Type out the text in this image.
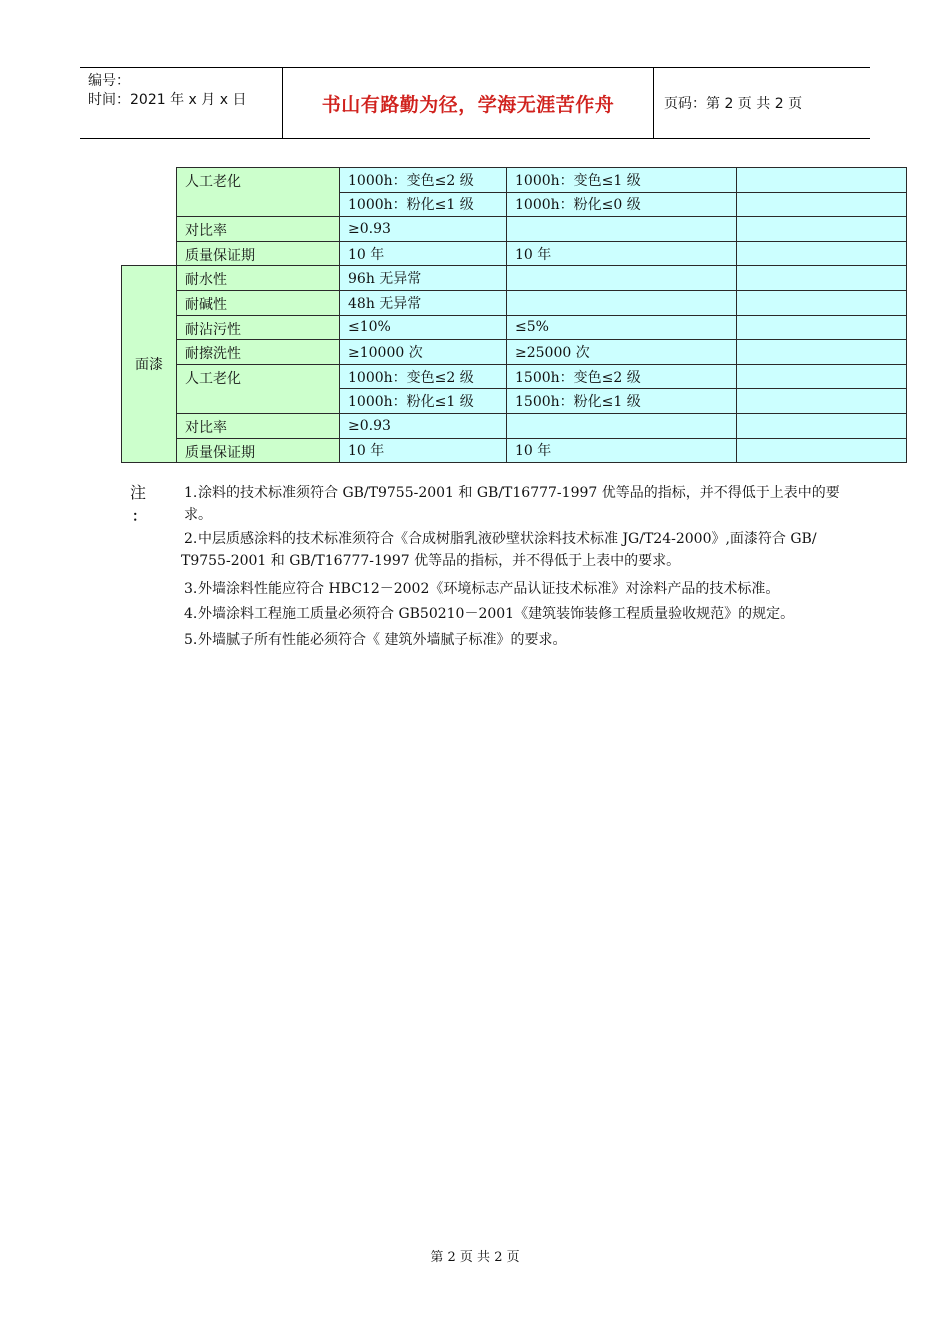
编号：
时间：2021 年 x 月 x 日	书山有路勤为径，学海无涯苦作舟	页码：第 2 页 共 2 页
	人工老化	1000h：变色≤2 级	1000h：变色≤1 级	
		1000h：粉化≤1 级	1000h：粉化≤0 级	
	对比率	≥0.93		
	质量保证期	10 年	10 年	
面漆	耐水性	96h 无异常		
	耐碱性	48h 无异常		
	耐沾污性	≤10%	≤5%	
	耐擦洗性	≥10000 次	≥25000 次	
	人工老化	1000h：变色≤2 级	1500h：变色≤2 级	
		1000h：粉化≤1 级	1500h：粉化≤1 级	
	对比率	≥0.93		
	质量保证期	10 年	10 年	
注
：
1.涂料的技术标准须符合 GB/T9755-2001 和 GB/T16777-1997 优等品的指标，并不得低于上表中的要
求。
2.中层质感涂料的技术标准须符合《合成树脂乳液砂壁状涂料技术标准 JG/T24-2000》,面漆符合 GB/
T9755-2001 和 GB/T16777-1997 优等品的指标，并不得低于上表中的要求。
3.外墙涂料性能应符合 HBC12－2002《环境标志产品认证技术标准》对涂料产品的技术标准。
4.外墙涂料工程施工质量必须符合 GB50210－2001《建筑装饰装修工程质量验收规范》的规定。
5.外墙腻子所有性能必须符合《 建筑外墙腻子标准》的要求。
第 2 页 共 2 页
